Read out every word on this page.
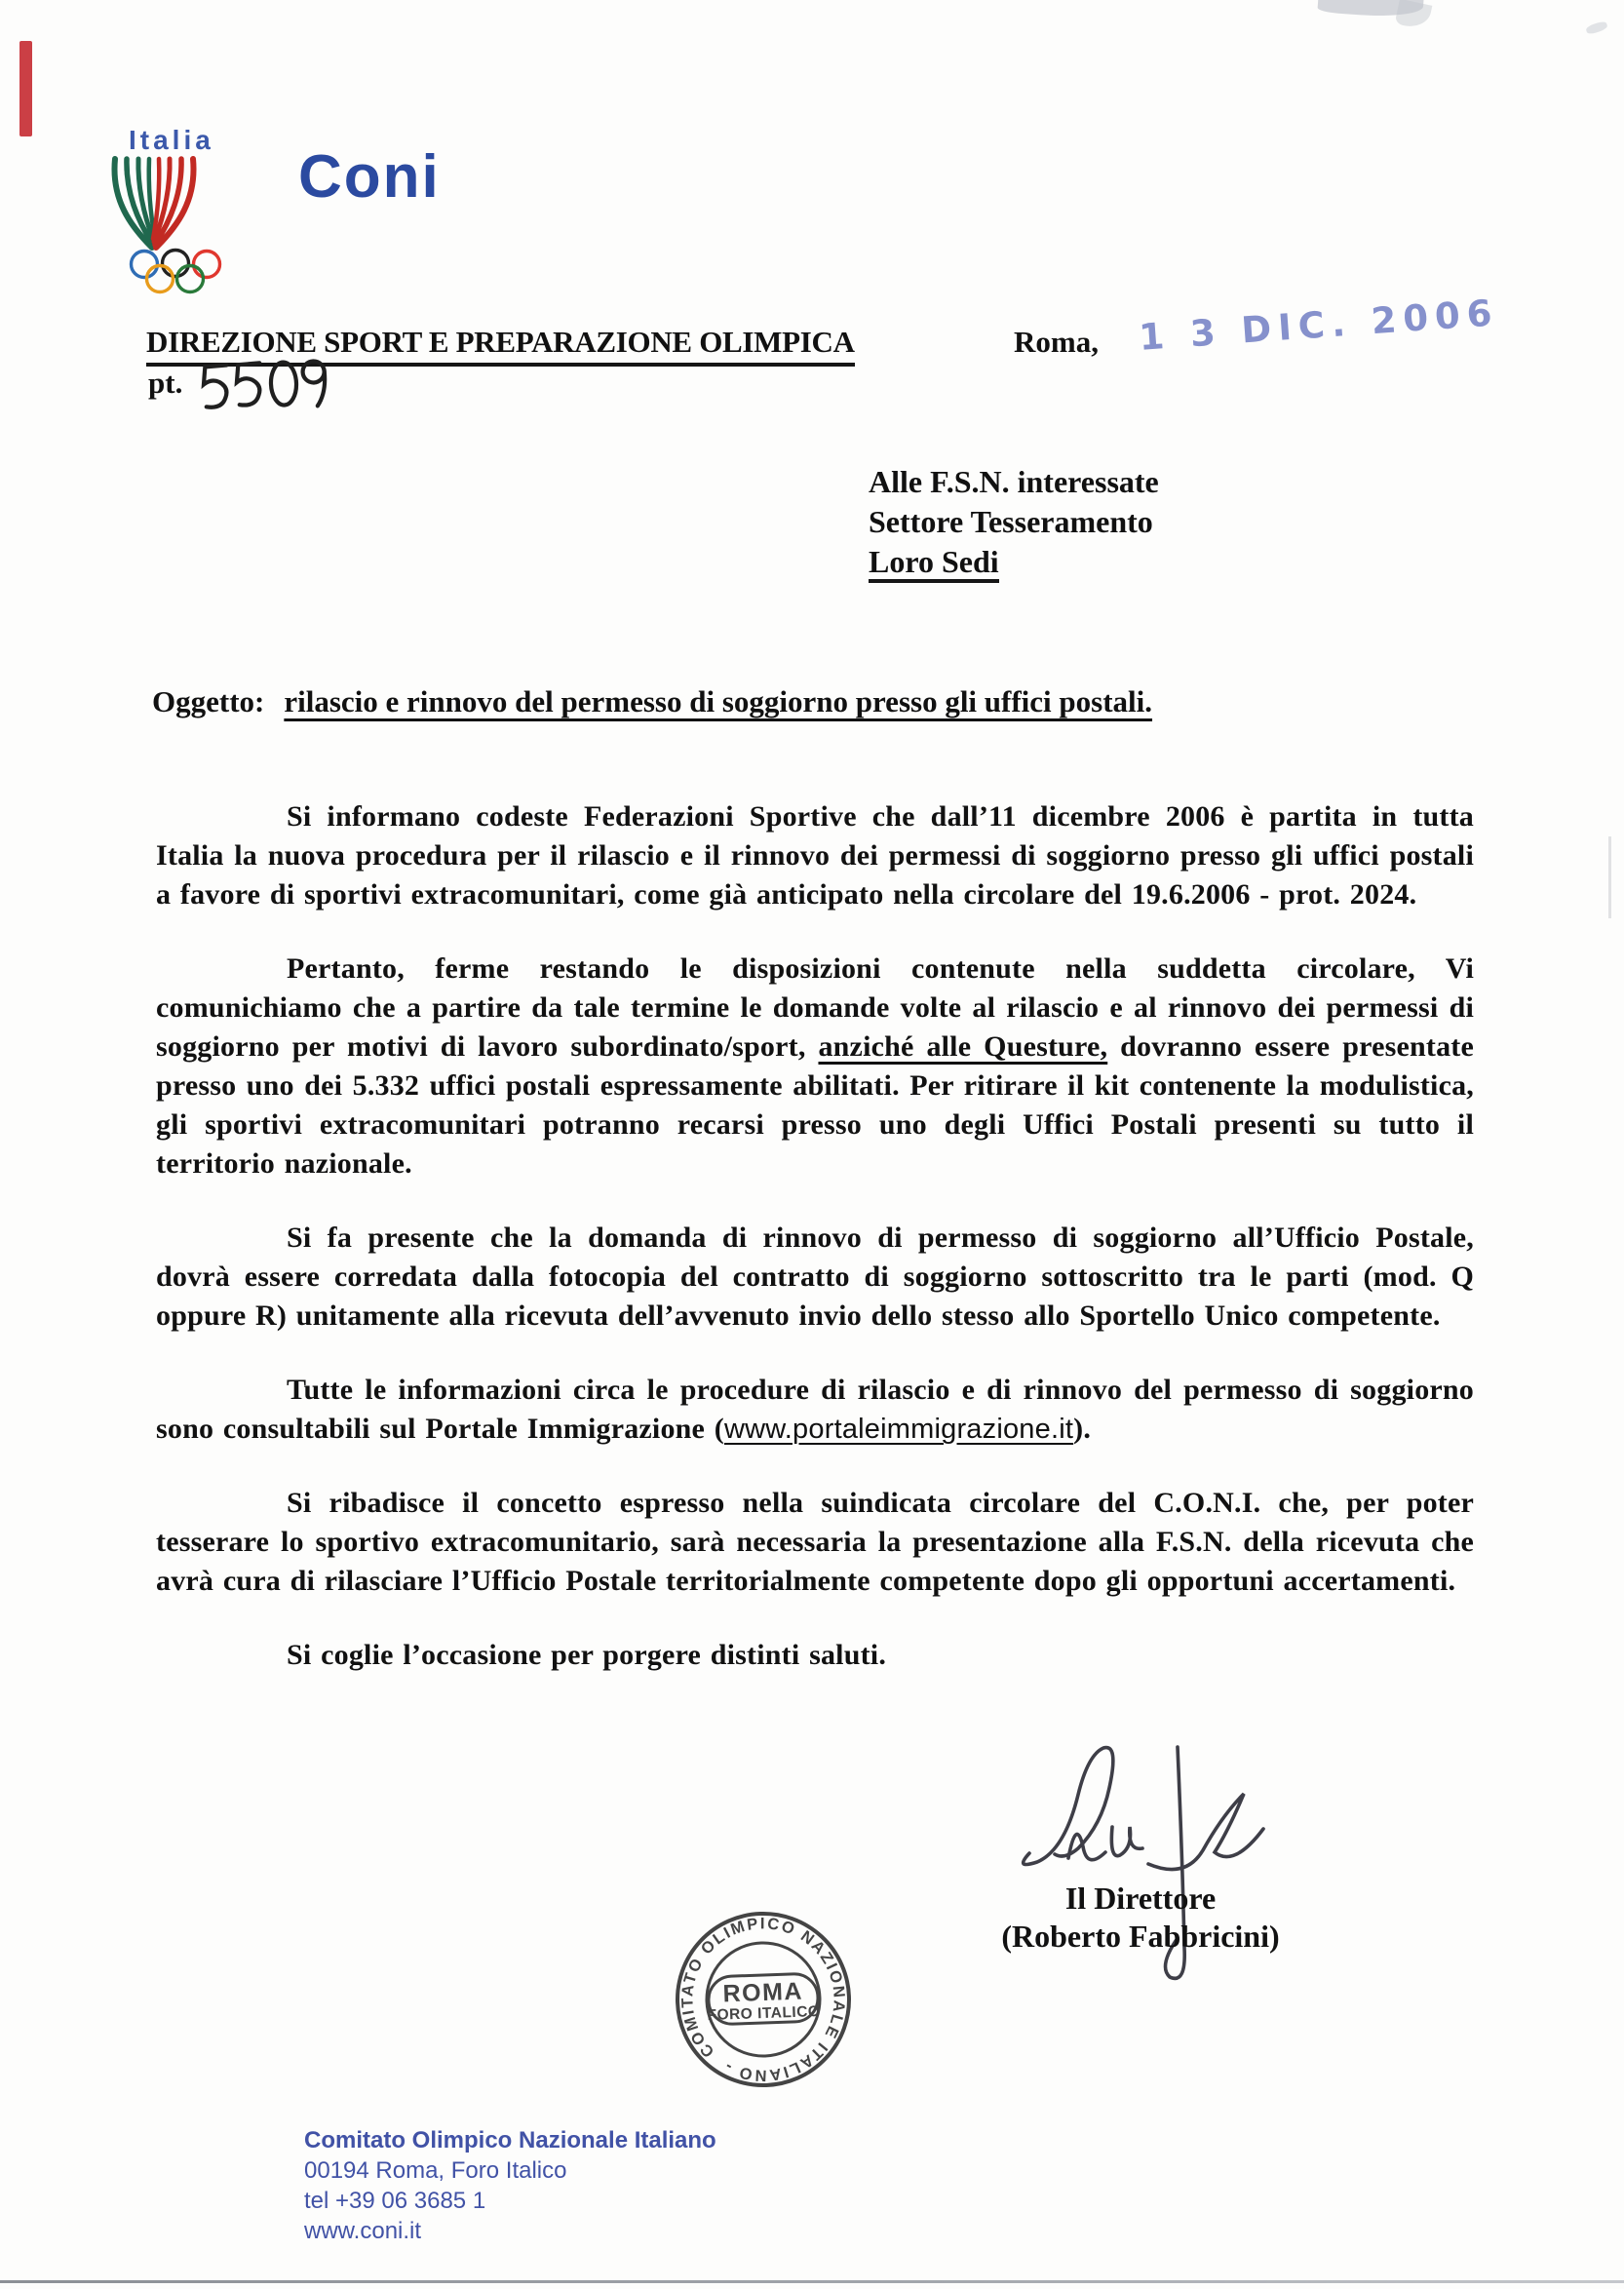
Italia
Coni
DIREZIONE SPORT E PREPARAZIONE OLIMPICA	Roma, 1 3 DIC. 2006
pt.
Alle F.S.N. interessate
Settore Tesseramento
Loro Sedi
Oggetto: rilascio e rinnovo del permesso di soggiorno presso gli uffici postali.

Si informano codeste Federazioni Sportive che dall’11 dicembre 2006 è partita in tutta Italia la nuova procedura per il rilascio e il rinnovo dei permessi di soggiorno presso gli uffici postali a favore di sportivi extracomunitari, come già anticipato nella circolare del 19.6.2006 - prot. 2024.

Pertanto, ferme restando le disposizioni contenute nella suddetta circolare, Vi comunichiamo che a partire da tale termine le domande volte al rilascio e al rinnovo dei permessi di soggiorno per motivi di lavoro subordinato/sport, anziché alle Questure, dovranno essere presentate presso uno dei 5.332 uffici postali espressamente abilitati. Per ritirare il kit contenente la modulistica, gli sportivi extracomunitari potranno recarsi presso uno degli Uffici Postali presenti su tutto il territorio nazionale.

Si fa presente che la domanda di rinnovo di permesso di soggiorno all’Ufficio Postale, dovrà essere corredata dalla fotocopia del contratto di soggiorno sottoscritto tra le parti (mod. Q oppure R) unitamente alla ricevuta dell’avvenuto invio dello stesso allo Sportello Unico competente.

Tutte le informazioni circa le procedure di rilascio e di rinnovo del permesso di soggiorno sono consultabili sul Portale Immigrazione (www.portaleimmigrazione.it).

Si ribadisce il concetto espresso nella suindicata circolare del C.O.N.I. che, per poter tesserare lo sportivo extracomunitario, sarà necessaria la presentazione alla F.S.N. della ricevuta che avrà cura di rilasciare l’Ufficio Postale territorialmente competente dopo gli opportuni accertamenti.

Si coglie l’occasione per porgere distinti saluti.

Il Direttore
(Roberto Fabbricini)
COMITATO OLIMPICO NAZIONALE ITALIANO -
ROMA
FORO ITALICO
Comitato Olimpico Nazionale Italiano
00194 Roma, Foro Italico
tel +39 06 3685 1
www.coni.it
